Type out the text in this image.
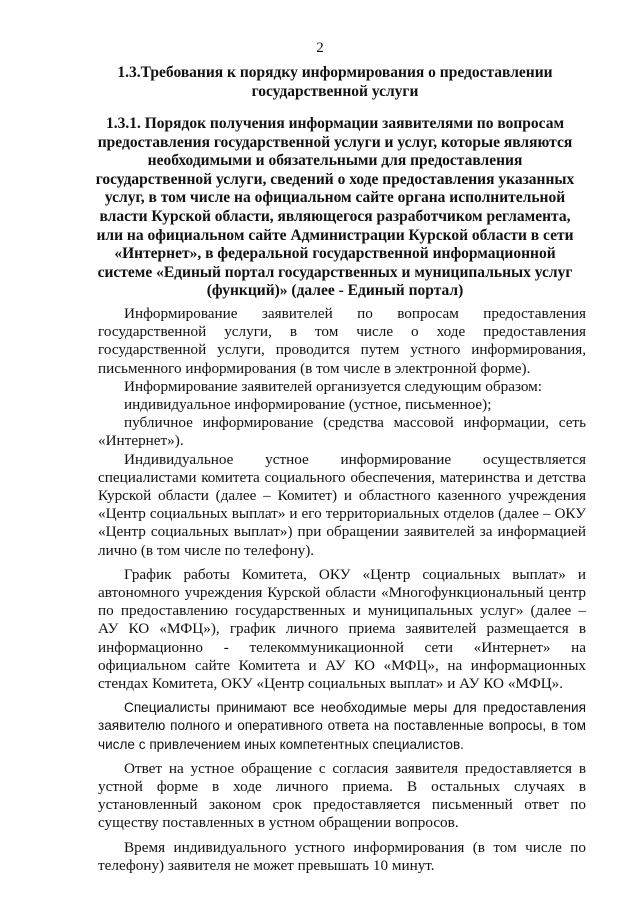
2
1.3.Требования к порядку информирования о предоставлении государственной услуги
1.3.1. Порядок получения информации заявителями по вопросам предоставления государственной услуги и услуг, которые являются необходимыми и обязательными для предоставления государственной услуги, сведений о ходе предоставления указанных услуг, в том числе на официальном сайте органа исполнительной власти Курской области, являющегося разработчиком регламента, или на официальном сайте Администрации Курской области в сети «Интернет», в федеральной государственной информационной системе «Единый портал государственных и муниципальных услуг (функций)» (далее - Единый портал)

Информирование заявителей по вопросам предоставления государственной услуги, в том числе о ходе предоставления государственной услуги, проводится путем устного информирования, письменного информирования (в том числе в электронной форме).

Информирование заявителей организуется следующим образом:

индивидуальное информирование (устное, письменное);

публичное информирование (средства массовой информации, сеть «Интернет»).

Индивидуальное устное информирование осуществляется специалистами комитета социального обеспечения, материнства и детства Курской области (далее – Комитет) и областного казенного учреждения «Центр социальных выплат» и его территориальных отделов (далее – ОКУ «Центр социальных выплат») при обращении заявителей за информацией лично (в том числе по телефону).

График работы Комитета, ОКУ «Центр социальных выплат» и автономного учреждения Курской области «Многофункциональный центр по предоставлению государственных и муниципальных услуг» (далее – АУ КО «МФЦ»), график личного приема заявителей размещается в информационно - телекоммуникационной сети «Интернет» на официальном сайте Комитета и АУ КО «МФЦ», на информационных стендах Комитета, ОКУ «Центр социальных выплат» и АУ КО «МФЦ».

Специалисты принимают все необходимые меры для предоставления заявителю полного и оперативного ответа на поставленные вопросы, в том числе с привлечением иных компетентных специалистов.

Ответ на устное обращение с согласия заявителя предоставляется в устной форме в ходе личного приема. В остальных случаях в установленный законом срок предоставляется письменный ответ по существу поставленных в устном обращении вопросов.

Время индивидуального устного информирования (в том числе по телефону) заявителя не может превышать 10 минут.
